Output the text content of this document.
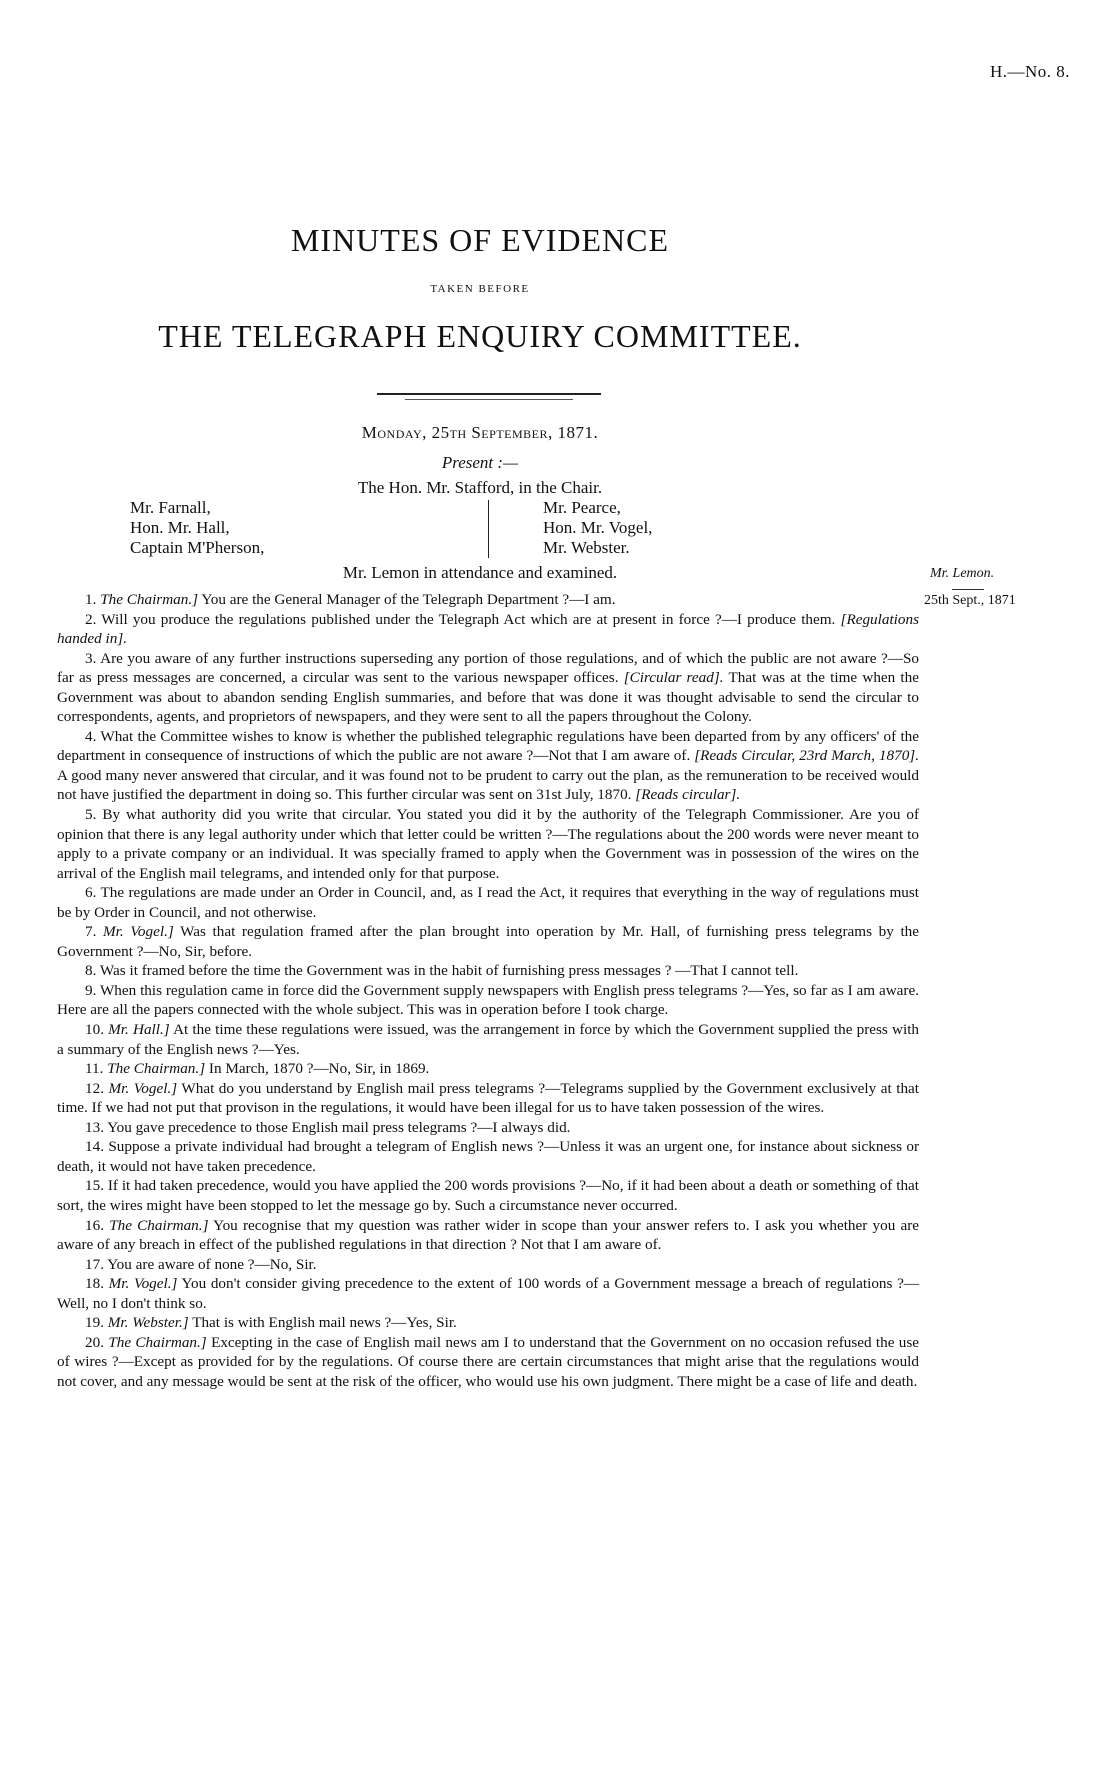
H.—No. 8.
MINUTES OF EVIDENCE
TAKEN BEFORE
THE TELEGRAPH ENQUIRY COMMITTEE.
Monday, 25th September, 1871.
Present :—
The Hon. Mr. Stafford, in the Chair.
Mr. Farnall,
Hon. Mr. Hall,
Captain M'Pherson,
Mr. Pearce,
Hon. Mr. Vogel,
Mr. Webster.
Mr. Lemon in attendance and examined.	Mr. Lemon.
25th Sept., 1871

1. The Chairman.] You are the General Manager of the Telegraph Department ?—I am.

2. Will you produce the regulations published under the Telegraph Act which are at present in force ?—I produce them. [Regulations handed in].

3. Are you aware of any further instructions superseding any portion of those regulations, and of which the public are not aware ?—So far as press messages are concerned, a circular was sent to the various newspaper offices. [Circular read]. That was at the time when the Government was about to abandon sending English summaries, and before that was done it was thought advisable to send the circular to correspondents, agents, and proprietors of newspapers, and they were sent to all the papers throughout the Colony.

4. What the Committee wishes to know is whether the published telegraphic regulations have been departed from by any officers' of the department in consequence of instructions of which the public are not aware ?—Not that I am aware of. [Reads Circular, 23rd March, 1870]. A good many never answered that circular, and it was found not to be prudent to carry out the plan, as the remuneration to be received would not have justified the department in doing so. This further circular was sent on 31st July, 1870. [Reads circular].

5. By what authority did you write that circular. You stated you did it by the authority of the Telegraph Commissioner. Are you of opinion that there is any legal authority under which that letter could be written ?—The regulations about the 200 words were never meant to apply to a private company or an individual. It was specially framed to apply when the Government was in possession of the wires on the arrival of the English mail telegrams, and intended only for that purpose.

6. The regulations are made under an Order in Council, and, as I read the Act, it requires that everything in the way of regulations must be by Order in Council, and not otherwise.

7. Mr. Vogel.] Was that regulation framed after the plan brought into operation by Mr. Hall, of furnishing press telegrams by the Government ?—No, Sir, before.

8. Was it framed before the time the Government was in the habit of furnishing press messages ? —That I cannot tell.

9. When this regulation came in force did the Government supply newspapers with English press telegrams ?—Yes, so far as I am aware. Here are all the papers connected with the whole subject. This was in operation before I took charge.

10. Mr. Hall.] At the time these regulations were issued, was the arrangement in force by which the Government supplied the press with a summary of the English news ?—Yes.

11. The Chairman.] In March, 1870 ?—No, Sir, in 1869.

12. Mr. Vogel.] What do you understand by English mail press telegrams ?—Telegrams supplied by the Government exclusively at that time. If we had not put that provison in the regulations, it would have been illegal for us to have taken possession of the wires.

13. You gave precedence to those English mail press telegrams ?—I always did.

14. Suppose a private individual had brought a telegram of English news ?—Unless it was an urgent one, for instance about sickness or death, it would not have taken precedence.

15. If it had taken precedence, would you have applied the 200 words provisions ?—No, if it had been about a death or something of that sort, the wires might have been stopped to let the message go by. Such a circumstance never occurred.

16. The Chairman.] You recognise that my question was rather wider in scope than your answer refers to. I ask you whether you are aware of any breach in effect of the published regulations in that direction ? Not that I am aware of.

17. You are aware of none ?—No, Sir.

18. Mr. Vogel.] You don't consider giving precedence to the extent of 100 words of a Government message a breach of regulations ?—Well, no I don't think so.

19. Mr. Webster.] That is with English mail news ?—Yes, Sir.

20. The Chairman.] Excepting in the case of English mail news am I to understand that the Government on no occasion refused the use of wires ?—Except as provided for by the regulations. Of course there are certain circumstances that might arise that the regulations would not cover, and any message would be sent at the risk of the officer, who would use his own judgment. There might be a case of life and death.
